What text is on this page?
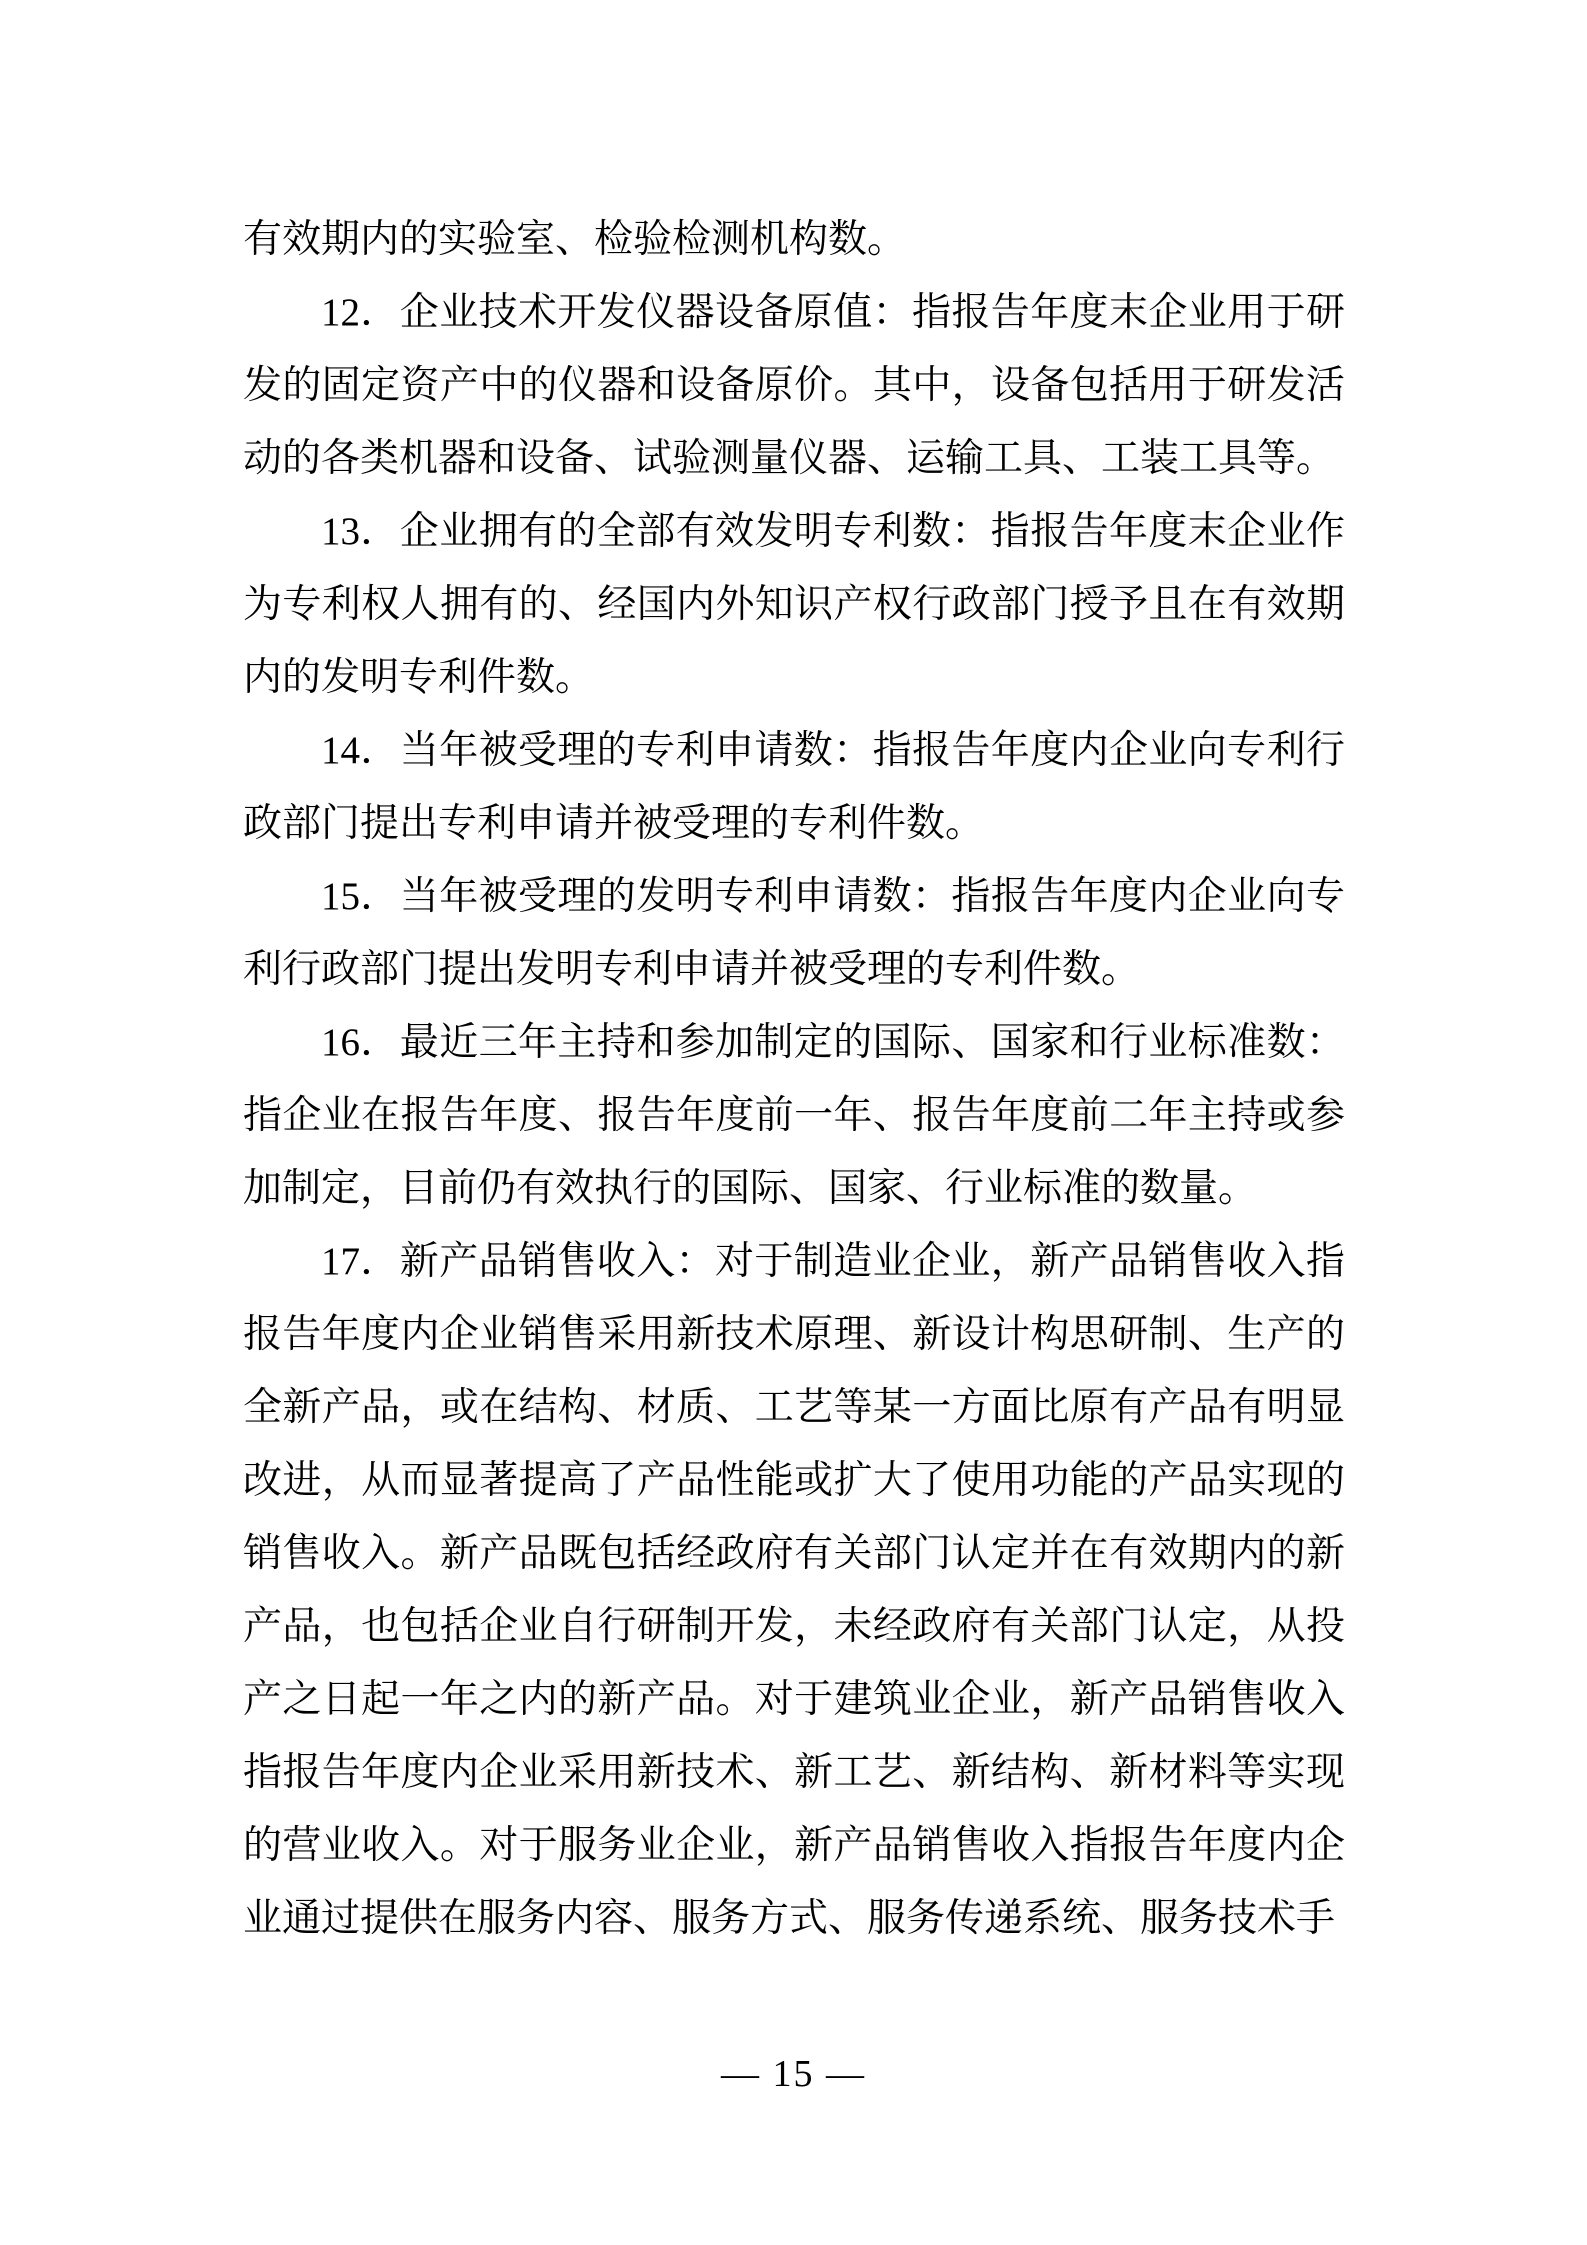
有效期内的实验室、检验检测机构数。

12．企业技术开发仪器设备原值：指报告年度末企业用于研发的固定资产中的仪器和设备原价。其中，设备包括用于研发活动的各类机器和设备、试验测量仪器、运输工具、工装工具等。

13．企业拥有的全部有效发明专利数：指报告年度末企业作为专利权人拥有的、经国内外知识产权行政部门授予且在有效期内的发明专利件数。

14．当年被受理的专利申请数：指报告年度内企业向专利行政部门提出专利申请并被受理的专利件数。

15．当年被受理的发明专利申请数：指报告年度内企业向专利行政部门提出发明专利申请并被受理的专利件数。

16．最近三年主持和参加制定的国际、国家和行业标准数：指企业在报告年度、报告年度前一年、报告年度前二年主持或参加制定，目前仍有效执行的国际、国家、行业标准的数量。

17．新产品销售收入：对于制造业企业，新产品销售收入指报告年度内企业销售采用新技术原理、新设计构思研制、生产的全新产品，或在结构、材质、工艺等某一方面比原有产品有明显改进，从而显著提高了产品性能或扩大了使用功能的产品实现的销售收入。新产品既包括经政府有关部门认定并在有效期内的新产品，也包括企业自行研制开发，未经政府有关部门认定，从投产之日起一年之内的新产品。对于建筑业企业，新产品销售收入指报告年度内企业采用新技术、新工艺、新结构、新材料等实现的营业收入。对于服务业企业，新产品销售收入指报告年度内企业通过提供在服务内容、服务方式、服务传递系统、服务技术手

— 15 —
